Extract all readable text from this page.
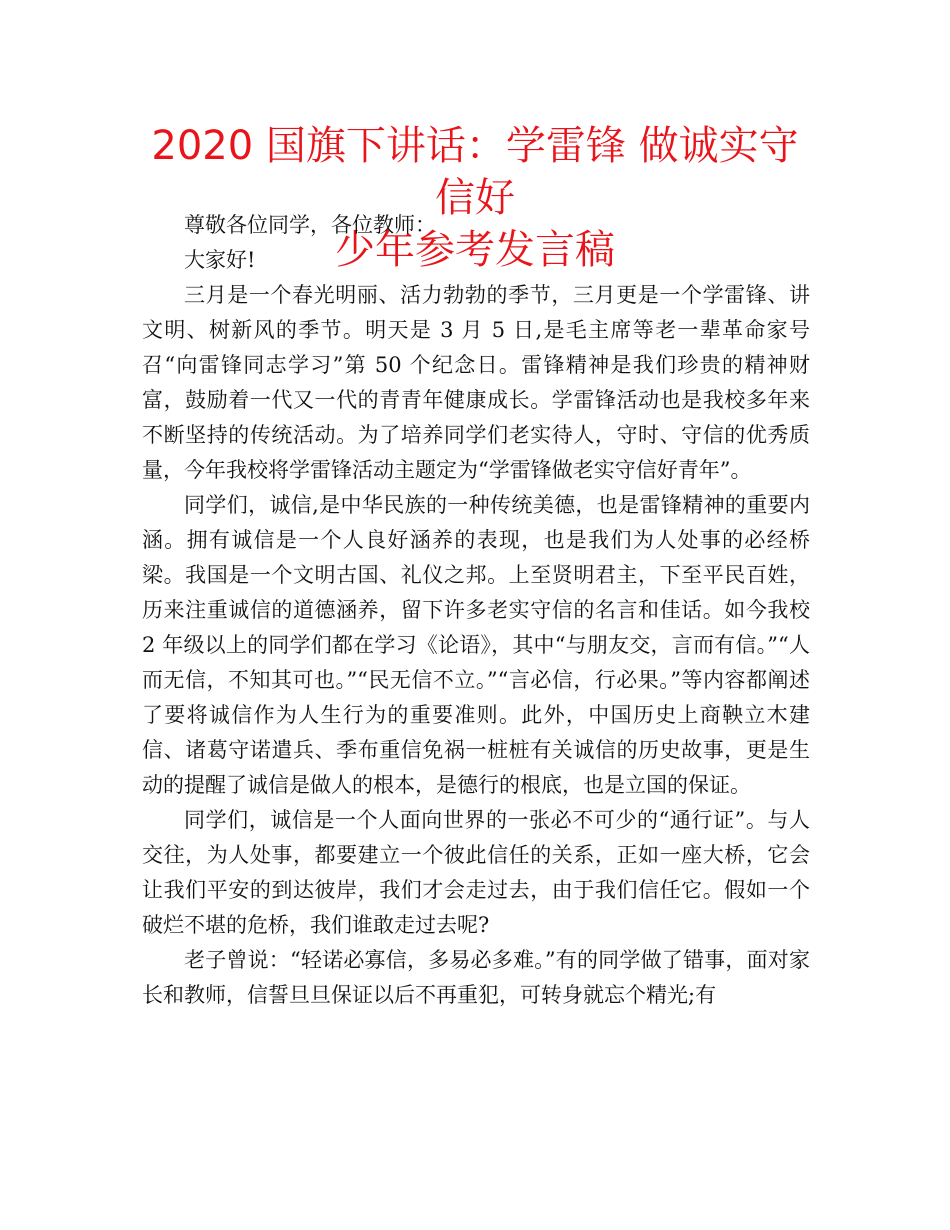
2020 国旗下讲话：学雷锋 做诚实守信好
少年参考发言稿

尊敬各位同学，各位教师：

大家好!

三月是一个春光明丽、活力勃勃的季节，三月更是一个学雷锋、讲文明、树新风的季节。明天是 3 月 5 日,是毛主席等老一辈革命家号召“向雷锋同志学习”第 50 个纪念日。雷锋精神是我们珍贵的精神财富，鼓励着一代又一代的青青年健康成长。学雷锋活动也是我校多年来不断坚持的传统活动。为了培养同学们老实待人，守时、守信的优秀质量，今年我校将学雷锋活动主题定为“学雷锋做老实守信好青年”。

同学们，诚信,是中华民族的一种传统美德，也是雷锋精神的重要内涵。拥有诚信是一个人良好涵养的表现，也是我们为人处事的必经桥梁。我国是一个文明古国、礼仪之邦。上至贤明君主，下至平民百姓，历来注重诚信的道德涵养，留下许多老实守信的名言和佳话。如今我校 2 年级以上的同学们都在学习《论语》，其中“与朋友交，言而有信。”“人而无信，不知其可也。”“民无信不立。”“言必信，行必果。”等内容都阐述了要将诚信作为人生行为的重要准则。此外，中国历史上商鞅立木建信、诸葛守诺遣兵、季布重信免祸一桩桩有关诚信的历史故事，更是生动的提醒了诚信是做人的根本，是德行的根底，也是立国的保证。

同学们，诚信是一个人面向世界的一张必不可少的“通行证”。与人交往，为人处事，都要建立一个彼此信任的关系，正如一座大桥，它会让我们平安的到达彼岸，我们才会走过去，由于我们信任它。假如一个破烂不堪的危桥，我们谁敢走过去呢?

老子曾说：“轻诺必寡信，多易必多难。”有的同学做了错事，面对家长和教师，信誓旦旦保证以后不再重犯，可转身就忘个精光;有
